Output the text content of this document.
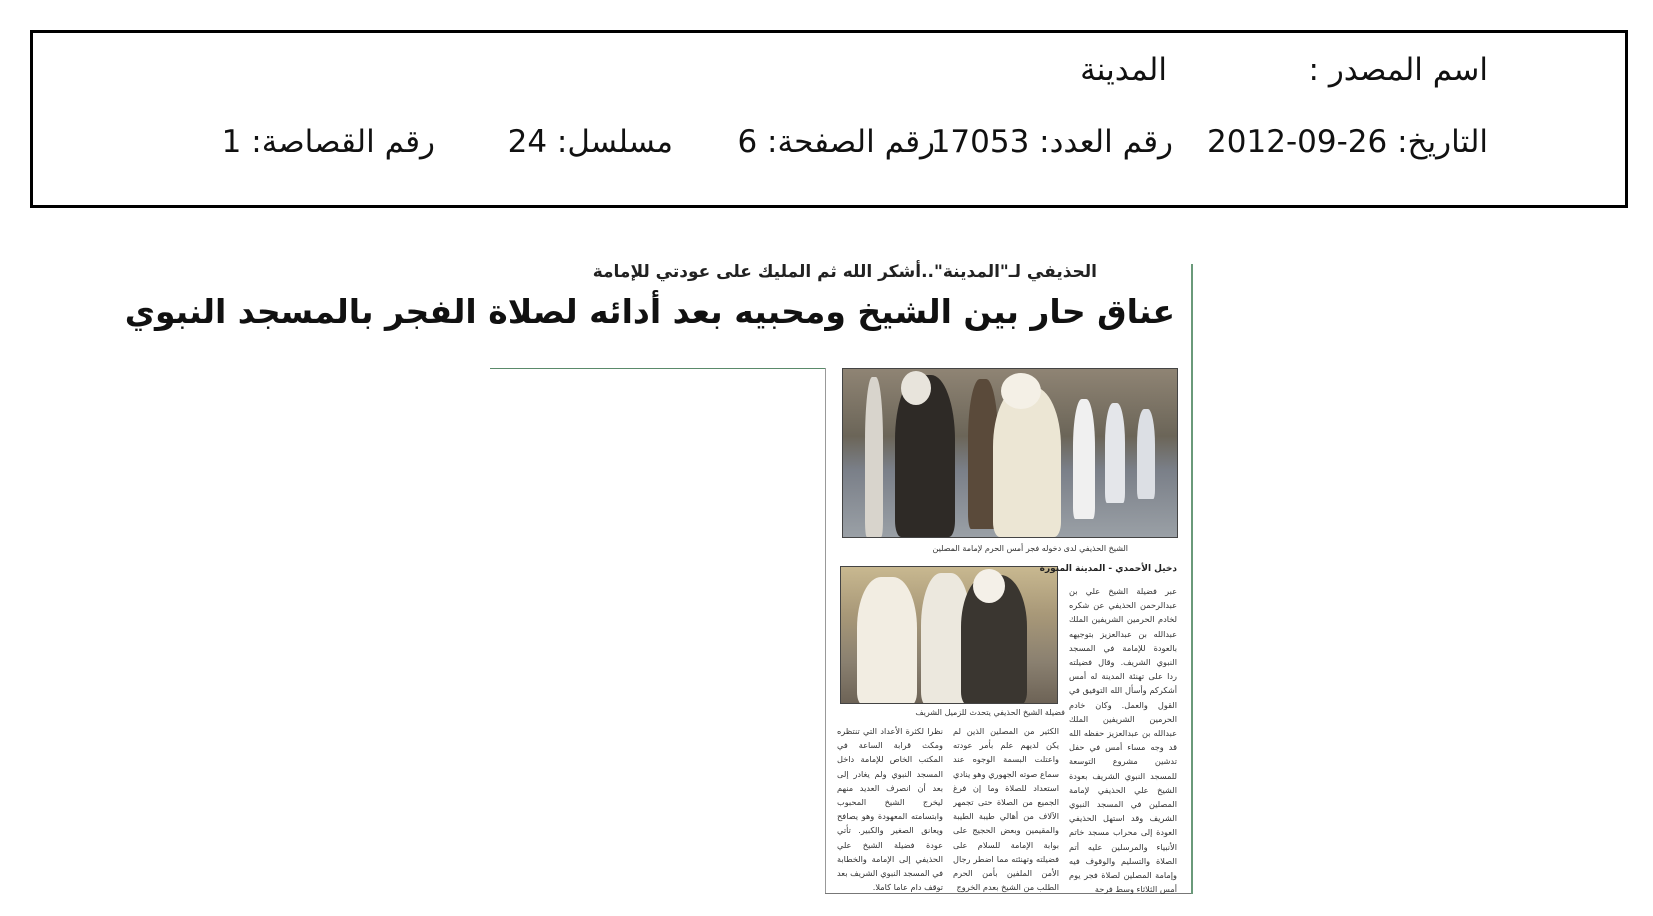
اسم المصدر :
المدينة
التاريخ: 26-09-2012
رقم العدد: 17053
رقم الصفحة: 6
مسلسل: 24
رقم القصاصة: 1
الحذيفي لـ"المدينة"..أشكر الله ثم المليك على عودتي للإمامة
عناق حار بين الشيخ ومحبيه بعد أدائه لصلاة الفجر بالمسجد النبوي
الشيخ الحذيفي لدى دخوله فجر أمس الحرم لإمامة المصلين
فضيلة الشيخ الحذيفي يتحدث للزميل الشريف
دخيل الأحمدي - المدينة المنورة
عبر فضيلة الشيخ علي بن عبدالرحمن الحذيفي عن شكره لخادم الحرمين الشريفين الملك عبدالله بن عبدالعزيز بتوجيهه بالعودة للإمامة في المسجد النبوي الشريف. وقال فضيلته ردا على تهنئة المدينة له أمس أشكركم وأسأل الله التوفيق في القول والعمل. وكان خادم الحرمين الشريفين الملك عبدالله بن عبدالعزيز حفظه الله قد وجه مساء أمس في حفل تدشين مشروع التوسعة للمسجد النبوي الشريف بعودة الشيخ علي الحذيفي لإمامة المصلين في المسجد النبوي الشريف وقد استهل الحذيفي العودة إلى محراب مسجد خاتم الأنبياء والمرسلين عليه أتم الصلاة والتسليم والوقوف فيه وإمامة المصلين لصلاة فجر يوم أمس الثلاثاء وسط فرحة
الكثير من المصلين الذين لم يكن لديهم علم بأمر عودته واعتلت البسمة الوجوه عند سماع صوته الجهوري وهو ينادي استعداد للصلاة وما إن فرغ الجميع من الصلاة حتى تجمهر الآلاف من أهالي طيبة الطيبة والمقيمين وبعض الحجيج على بوابة الإمامة للسلام على فضيلته وتهنئته مما اضطر رجال الأمن الملفين بأمن الحرم الطلب من الشيخ بعدم الخروج
نظرا لكثرة الأعداد التي تنتظره ومكث قرابة الساعة في المكتب الخاص للإمامة داخل المسجد النبوي ولم يغادر إلى بعد أن انصرف العديد منهم ليخرج الشيخ المحبوب وابتسامته المعهودة وهو يصافح ويعانق الصغير والكبير. تأتي عودة فضيلة الشيخ علي الحذيفي إلى الإمامة والخطابة في المسجد النبوي الشريف بعد توقف دام عاما كاملا.
